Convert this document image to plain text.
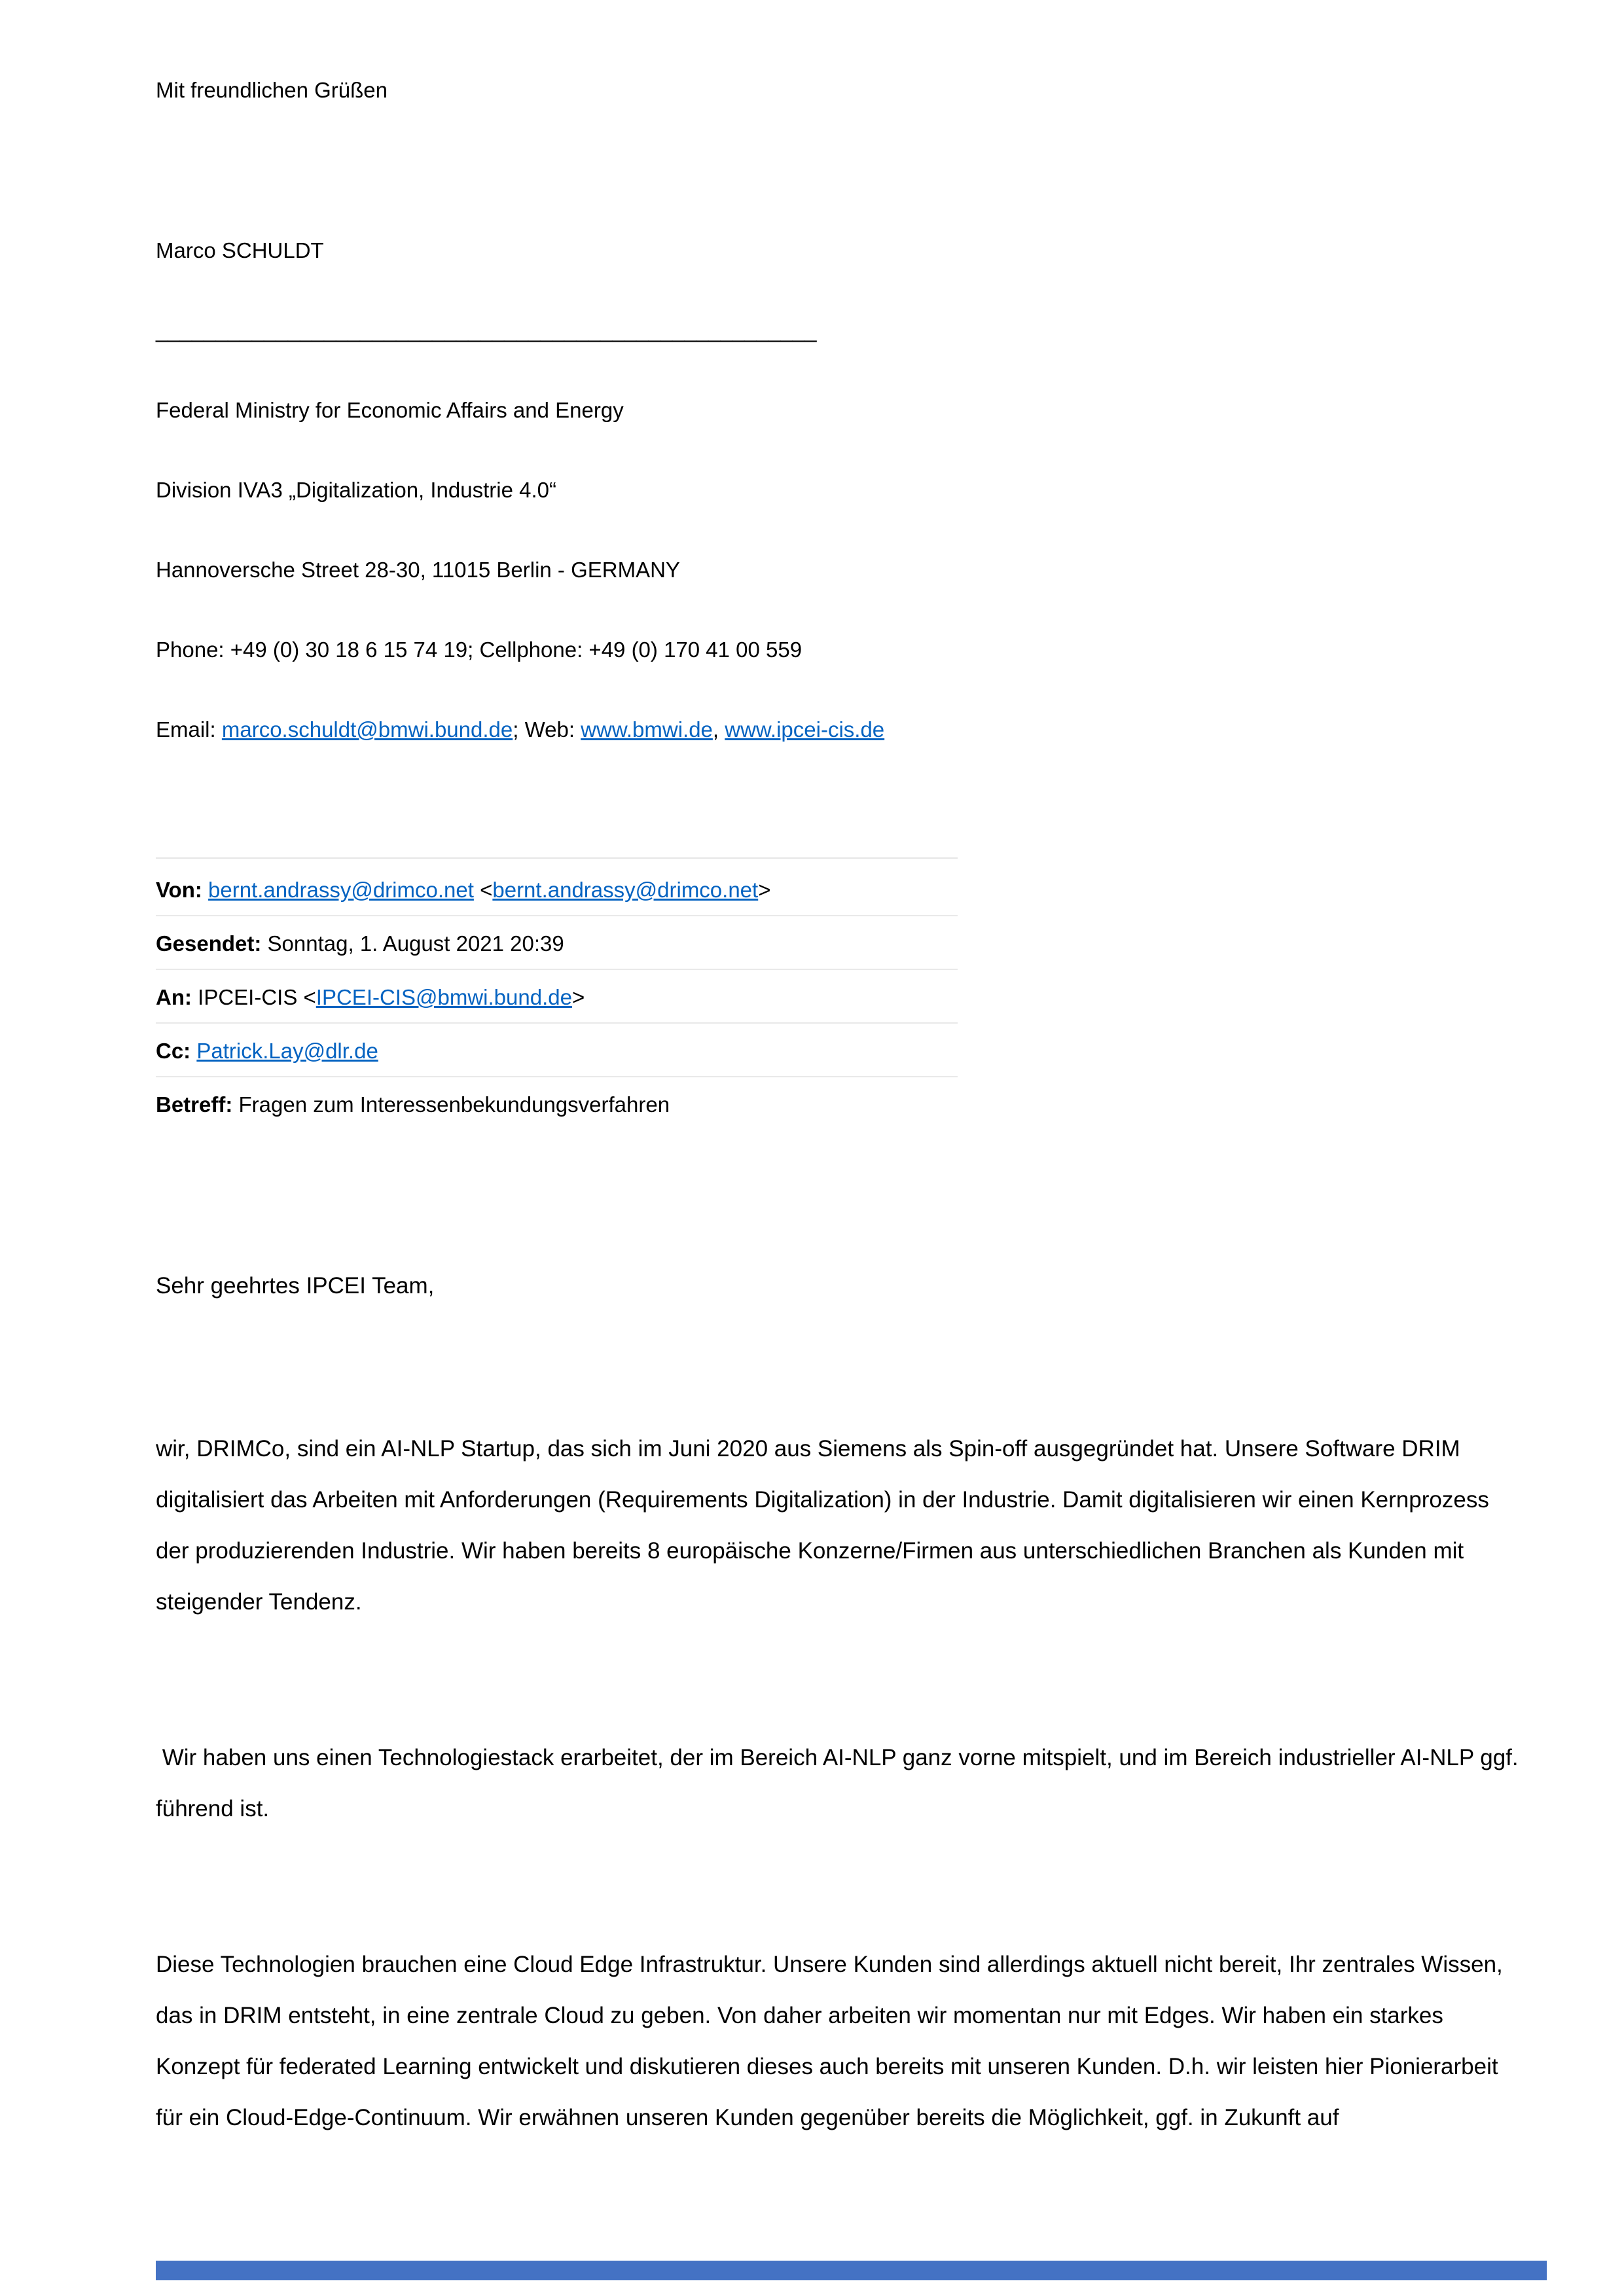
Mit freundlichen Grüßen

Marco SCHULDT

_______________________________________________________

Federal Ministry for Economic Affairs and Energy

Division IVA3 „Digitalization, Industrie 4.0“

Hannoversche Street 28-30, 11015 Berlin - GERMANY

Phone: +49 (0) 30 18 6 15 74 19; Cellphone: +49 (0) 170 41 00 559

Email: marco.schuldt@bmwi.bund.de; Web: www.bmwi.de, www.ipcei-cis.de

Von: bernt.andrassy@drimco.net <bernt.andrassy@drimco.net>
Gesendet: Sonntag, 1. August 2021 20:39
An: IPCEI-CIS <IPCEI-CIS@bmwi.bund.de>
Cc: Patrick.Lay@dlr.de
Betreff: Fragen zum Interessenbekundungsverfahren

Sehr geehrtes IPCEI Team,

wir, DRIMCo, sind ein AI-NLP Startup, das sich im Juni 2020 aus Siemens als Spin-off ausgegründet hat. Unsere Software DRIM digitalisiert das Arbeiten mit Anforderungen (Requirements Digitalization) in der Industrie. Damit digitalisieren wir einen Kernprozess der produzierenden Industrie. Wir haben bereits 8 europäische Konzerne/Firmen aus unterschiedlichen Branchen als Kunden mit steigender Tendenz.

Wir haben uns einen Technologiestack erarbeitet, der im Bereich AI-NLP ganz vorne mitspielt, und im Bereich industrieller AI-NLP ggf. führend ist.

Diese Technologien brauchen eine Cloud Edge Infrastruktur. Unsere Kunden sind allerdings aktuell nicht bereit, Ihr zentrales Wissen, das in DRIM entsteht, in eine zentrale Cloud zu geben. Von daher arbeiten wir momentan nur mit Edges. Wir haben ein starkes Konzept für federated Learning entwickelt und diskutieren dieses auch bereits mit unseren Kunden. D.h. wir leisten hier Pionierarbeit für ein Cloud-Edge-Continuum. Wir erwähnen unseren Kunden gegenüber bereits die Möglichkeit, ggf. in Zukunft auf
